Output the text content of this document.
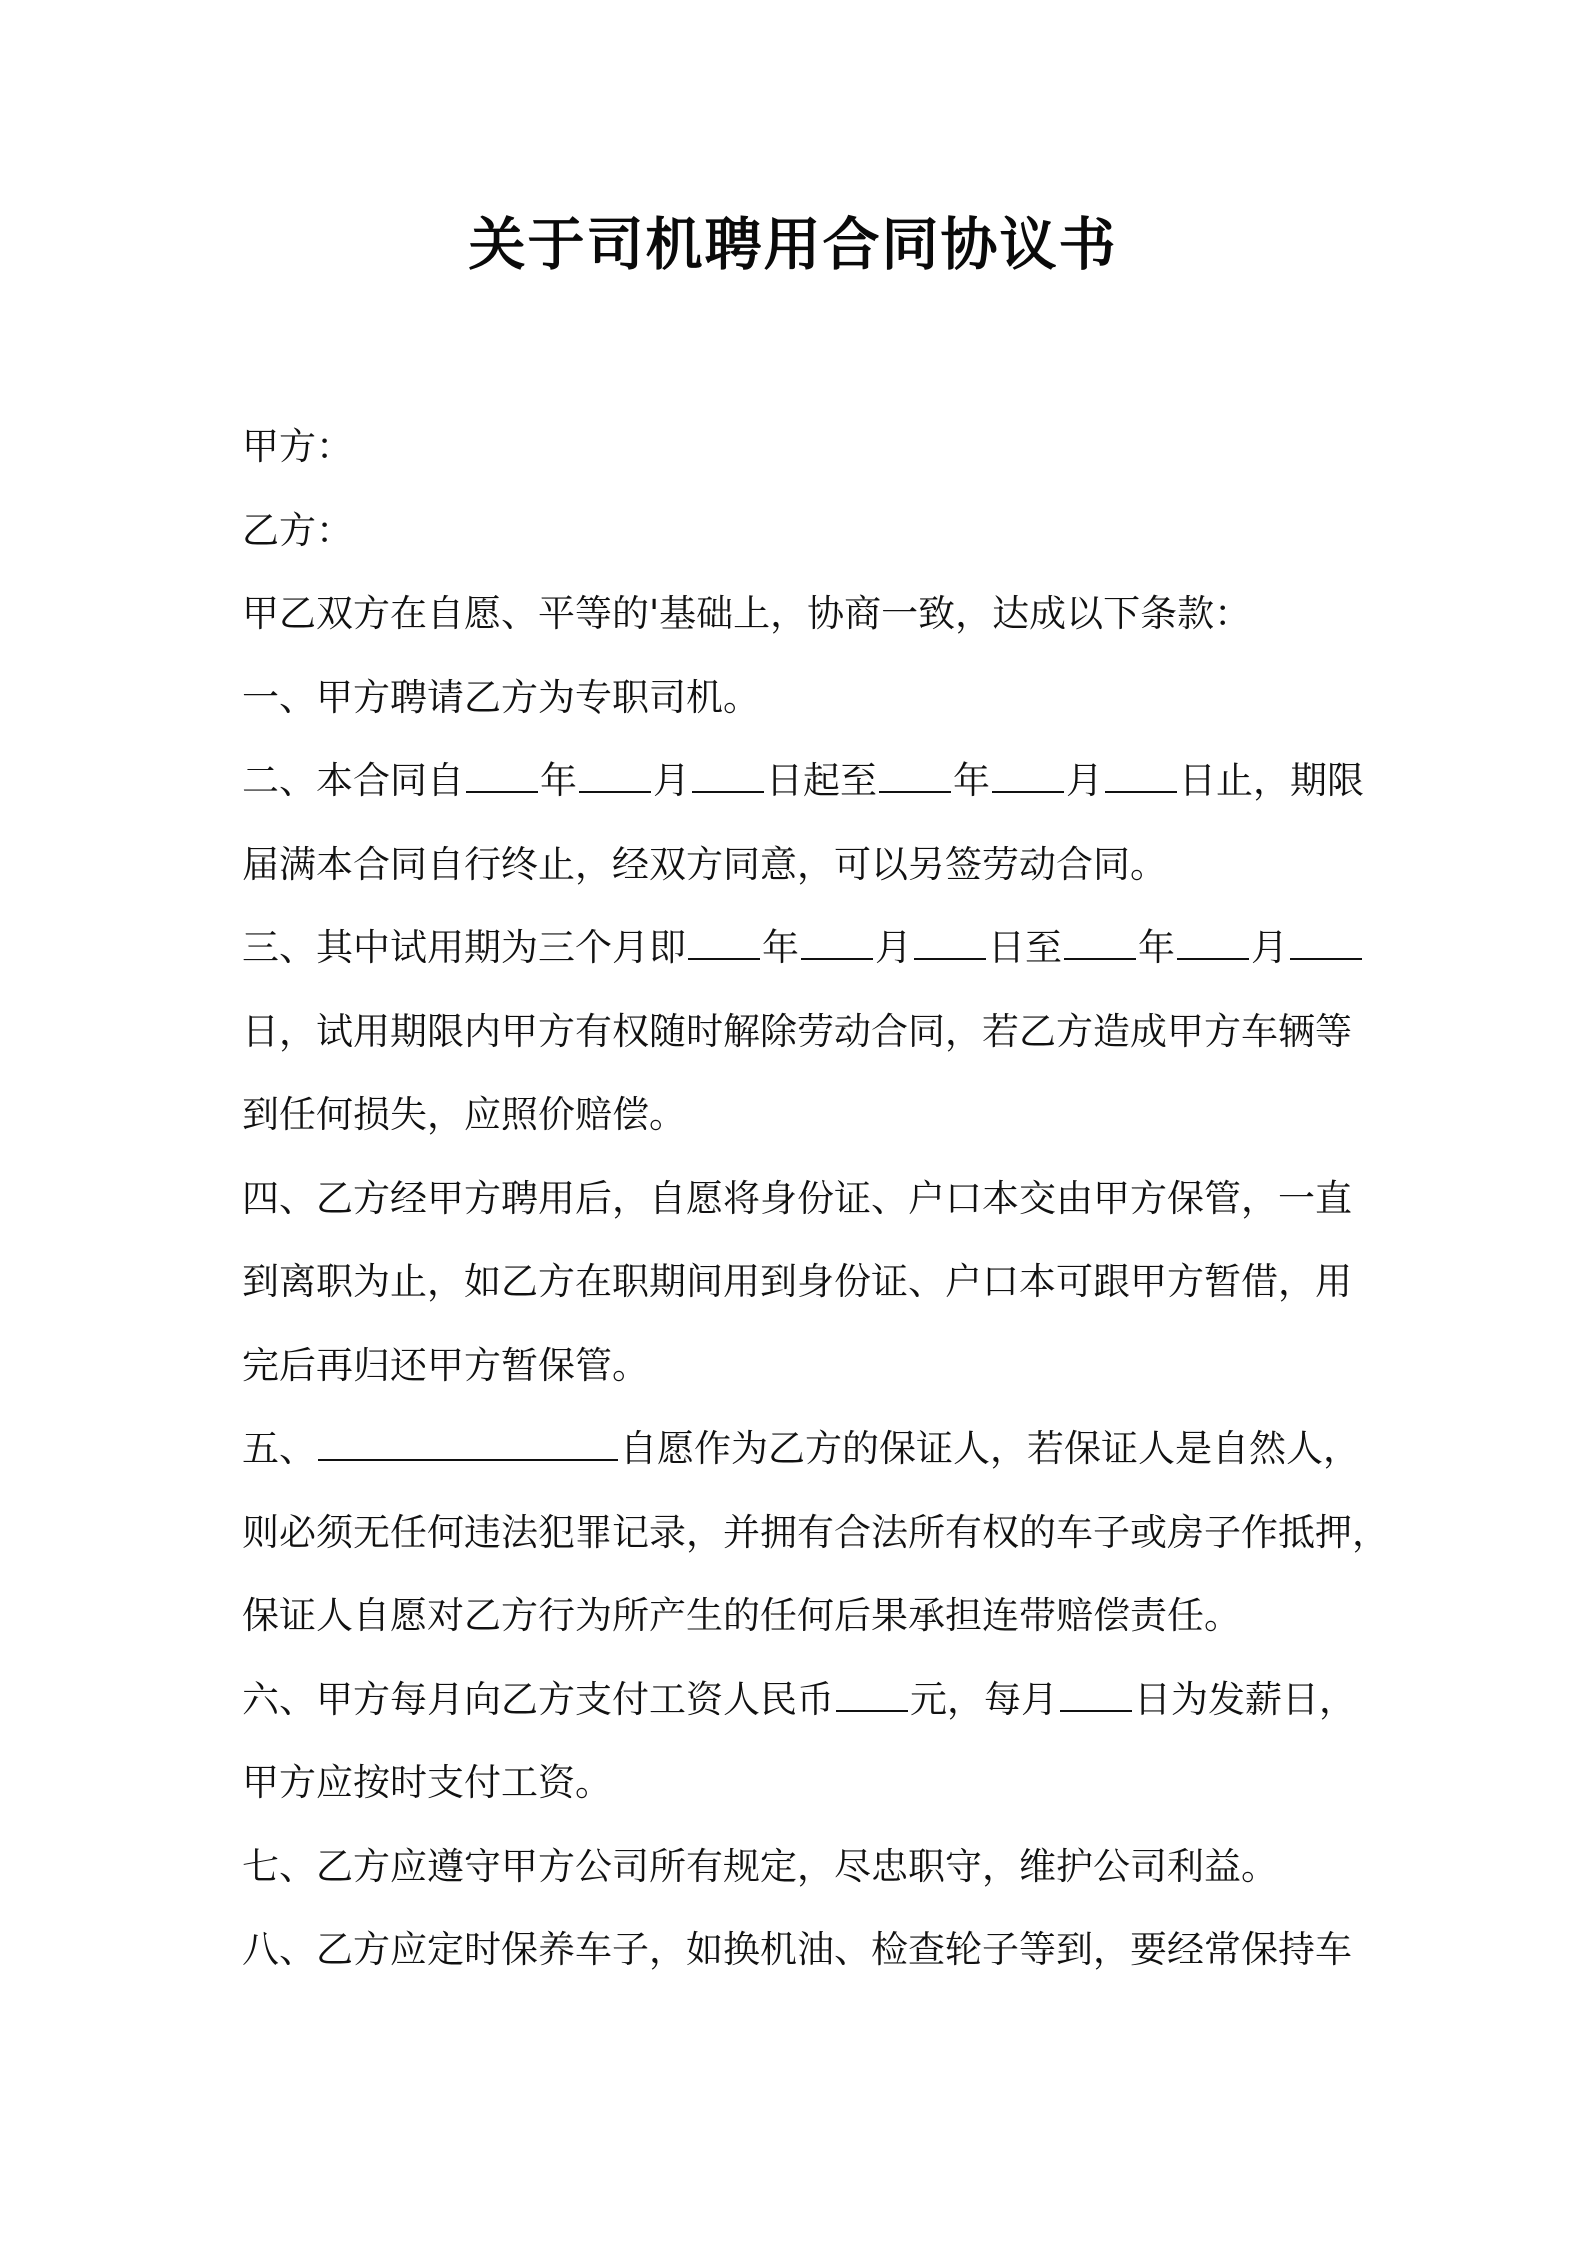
关于司机聘用合同协议书
甲方：
乙方：
甲乙双方在自愿、平等的'基础上，协商一致，达成以下条款：
一、甲方聘请乙方为专职司机。
二、本合同自 年 月 日起至 年 月 日止，期限
届满本合同自行终止，经双方同意，可以另签劳动合同。
三、其中试用期为三个月即 年 月 日至 年 月
日，试用期限内甲方有权随时解除劳动合同，若乙方造成甲方车辆等
到任何损失，应照价赔偿。
四、乙方经甲方聘用后，自愿将身份证、户口本交由甲方保管，一直
到离职为止，如乙方在职期间用到身份证、户口本可跟甲方暂借，用
完后再归还甲方暂保管。
五、	自愿作为乙方的保证人，若保证人是自然人，
则必须无任何违法犯罪记录，并拥有合法所有权的车子或房子作抵押，
保证人自愿对乙方行为所产生的任何后果承担连带赔偿责任。
六、甲方每月向乙方支付工资人民币 元，每月 日为发薪日，
甲方应按时支付工资。
七、乙方应遵守甲方公司所有规定，尽忠职守，维护公司利益。
八、乙方应定时保养车子，如换机油、检查轮子等到，要经常保持车
